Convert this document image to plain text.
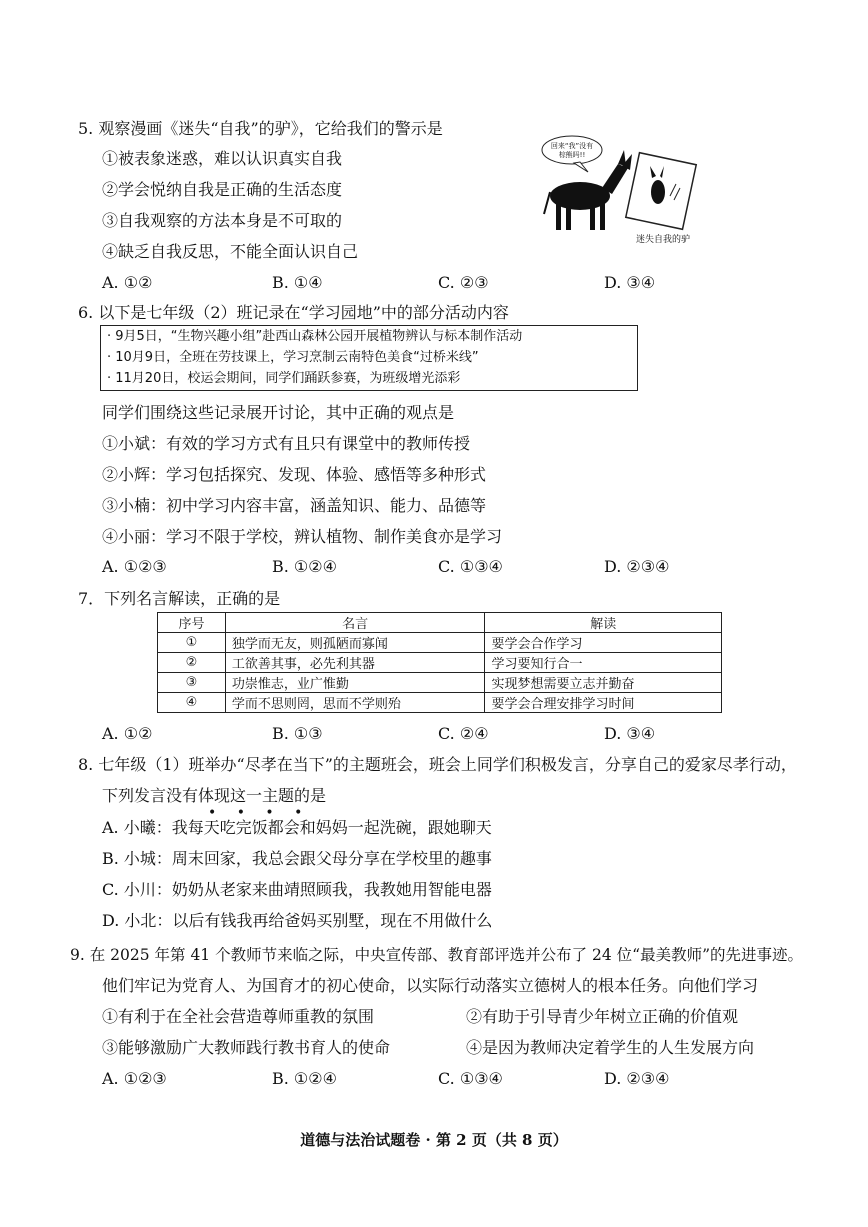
5. 观察漫画《迷失“自我”的驴》，它给我们的警示是
①被表象迷惑，难以认识真实自我
②学会悦纳自我是正确的生活态度
③自我观察的方法本身是不可取的
④缺乏自我反思，不能全面认识自己
A. ①②	B. ①④	C. ②③	D. ③④
回来“我”没有棕熊吗!!
迷失自我的驴
6. 以下是七年级（2）班记录在“学习园地”中的部分活动内容
· 9月5日，“生物兴趣小组”赴西山森林公园开展植物辨认与标本制作活动
· 10月9日，全班在劳技课上，学习烹制云南特色美食“过桥米线”
· 11月20日，校运会期间，同学们踊跃参赛，为班级增光添彩
同学们围绕这些记录展开讨论，其中正确的观点是
①小斌：有效的学习方式有且只有课堂中的教师传授
②小辉：学习包括探究、发现、体验、感悟等多种形式
③小楠：初中学习内容丰富，涵盖知识、能力、品德等
④小丽：学习不限于学校，辨认植物、制作美食亦是学习
A. ①②③	B. ①②④	C. ①③④	D. ②③④
7．下列名言解读，正确的是
序号	名言	解读
①	独学而无友，则孤陋而寡闻	要学会合作学习
②	工欲善其事，必先利其器	学习要知行合一
③	功崇惟志，业广惟勤	实现梦想需要立志并勤奋
④	学而不思则罔，思而不学则殆	要学会合理安排学习时间
A. ①②	B. ①③	C. ②④	D. ③④
8. 七年级（1）班举办“尽孝在当下”的主题班会，班会上同学们积极发言，分享自己的爱家尽孝行动，
下列发言没有体现这一主题的是
• • • •
A. 小曦：我每天吃完饭都会和妈妈一起洗碗，跟她聊天
B. 小城：周末回家，我总会跟父母分享在学校里的趣事
C. 小川：奶奶从老家来曲靖照顾我，我教她用智能电器
D. 小北：以后有钱我再给爸妈买别墅，现在不用做什么
9. 在 2025 年第 41 个教师节来临之际，中央宣传部、教育部评选并公布了 24 位“最美教师”的先进事迹。
他们牢记为党育人、为国育才的初心使命，以实际行动落实立德树人的根本任务。向他们学习
①有利于在全社会营造尊师重教的氛围	②有助于引导青少年树立正确的价值观
③能够激励广大教师践行教书育人的使命	④是因为教师决定着学生的人生发展方向
A. ①②③	B. ①②④	C. ①③④	D. ②③④
道德与法治试题卷 · 第 2 页（共 8 页）
